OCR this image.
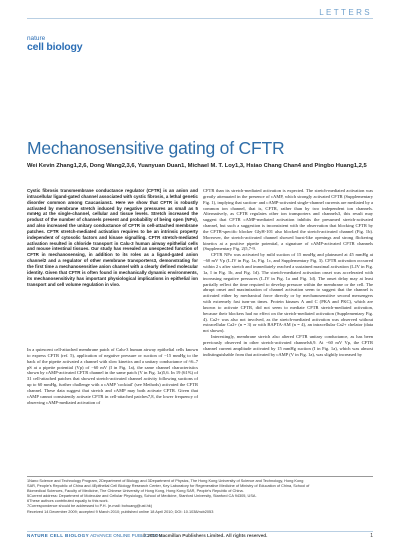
LETTERS
nature
cell biology
Mechanosensitive gating of CFTR
Wei Kevin Zhang1,2,6, Dong Wang2,3,6, Yuanyuan Duan1, Michael M. T. Loy1,3, Hsiao Chang Chan4 and Pingbo Huang1,2,5
Cystic fibrosis transmembrane conductance regulator (CFTR) is an anion and intracellular ligand-gated channel associated with cystic fibrosis, a lethal genetic disorder common among Caucasians1. Here we show that CFTR is robustly activated by membrane stretch induced by negative pressures as small as 5 mmHg at the single-channel, cellular and tissue levels. Stretch increased the product of the number of channels present and probability of being open (NPo), and also increased the unitary conductance of CFTR in cell-attached membrane patches. CFTR stretch-mediated activation requires to be an intrinsic property independent of cytosolic factors and kinase signalling. CFTR stretch-mediated activation resulted in chloride transport in Calu-3 human airway epithelial cells and mouse intestinal tissues. Our study has revealed an unexpected function of CFTR in mechanosensing, in addition to its roles as a ligand-gated anion channel2 and a regulator of other membrane transporters3, demonstrating for the first time a mechanosensitive anion channel with a clearly defined molecular identity. Given that CFTR is often found in mechanically dynamic environments, its mechanosensitivity has important physiological implications in epithelial ion transport and cell volume regulation in vivo.

In a quiescent cell-attached membrane patch of Calu-3 human airway epithelial cells known to express CFTR (ref. 5), application of negative pressure or suction of −15 mmHg to the back of the pipette activated a channel with slow kinetics and a unitary conductance of ≈6–7 pS at a pipette potential (Vp) of −60 mV (I in Fig. 1a), the same channel characteristics shown by cAMP-activated CFTR channel in the same patch (V in Fig. 1a)5,6. In 19 (61%) of 31 cell-attached patches that showed stretch-activated channel activity following suctions of up to 60 mmHg, further challenge with a cAMP 'cocktail' (see Methods) activated the CFTR channel. These data suggest that stretch and cAMP may both activate CFTR. Given that cAMP cannot consistently activate CFTR in cell-attached patches7,8, the lower frequency of observing cAMP-mediated activation of

CFTR than its stretch-mediated activation is expected. The stretch-mediated activation was greatly attenuated in the presence of cAMP, which strongly activated CFTR (Supplementary Fig. 1), implying that suction- and cAMP-activated single-channel currents are mediated by a common ion channel, that is, CFTR, rather than by two independent ion channels. Alternatively, as CFTR regulates other ion transporters and channels3, this result may suggest that CFTR cAMP-mediated activation inhibits the presumed stretch-activated channel, but such a suggestion is inconsistent with the observation that blocking CFTR by the CFTR-specific blocker GlyH-101 also blocked the stretch-activated channel (Fig. 1b). Moreover, the stretch-activated channel showed burst-like openings and strong flickering kinetics at a positive pipette potential, a signature of cAMP-activated CFTR channels (Supplementary Fig. 2)5,7-9.

CFTR NPo was activated by mild suction of 15 mmHg and plateaued at 45 mmHg at −60 mV Vp (I–IV in Fig. 1a, Fig. 1c, and Supplementary Fig. 3). CFTR activation occurred within 2 s after stretch and immediately reached a sustained maximal activation (I–IV in Fig. 1a, I in Fig. 1b, and Fig. 1d). The stretch-mediated activation onset was accelerated with increasing negative pressures (I–IV in Fig. 1a and Fig. 1d). The onset delay may at least partially reflect the time required to develop pressure within the membrane or the cell. The abrupt onset and maximization of channel activation seem to suggest that the channel is activated either by mechanical force directly or by mechanosensitive second messengers with extremely fast turn-on times. Protein kinases A and C (PKA and PKC), which are known to activate CFTR, did not seem to mediate CFTR stretch-mediated activation, because their blockers had no effect on the stretch-mediated activation (Supplementary Fig. 4). Ca2+ was also not involved, as the stretch-mediated activation was observed without extracellular Ca2+ (n = 3) or with BAPTA-AM (n = 4), an intracellular Ca2+ chelator (data not shown).

Interestingly, membrane stretch also altered CFTR unitary conductance, as has been previously observed in other stretch-activated channels6,9. At −60 mV Vp, the CFTR channel current amplitude activated by 15 mmHg suction (I in Fig. 1a), which was almost indistinguishable from that activated by cAMP (V in Fig. 1a), was slightly increased by

1Nano Science and Technology Program, 2Department of Biology and 3Department of Physics, The Hong Kong University of Science and Technology, Hong Kong
SAR, People's Republic of China and 4Epithelial Cell Biology Research Center, Key Laboratory for Regenerative Medicine of Ministry of Education of China, School of
Biomedical Sciences, Faculty of Medicine, The Chinese University of Hong Kong, Hong Kong SAR, People's Republic of China.
5Current address: Department of Molecular and Cellular Physiology, School of Medicine, Stanford University, Stanford CA 94305, USA.
6These authors contributed equally to this work.
7Correspondence should be addressed to P.H. (e-mail: bohuang@ust.hk)
Received 14 December 2009; accepted 9 March 2010; published online 18 April 2010; DOI: 10.1038/ncb2053
NATURE CELL BIOLOGY ADVANCE ONLINE PUBLICATION
© 2010 Macmillan Publishers Limited. All rights reserved.	1
